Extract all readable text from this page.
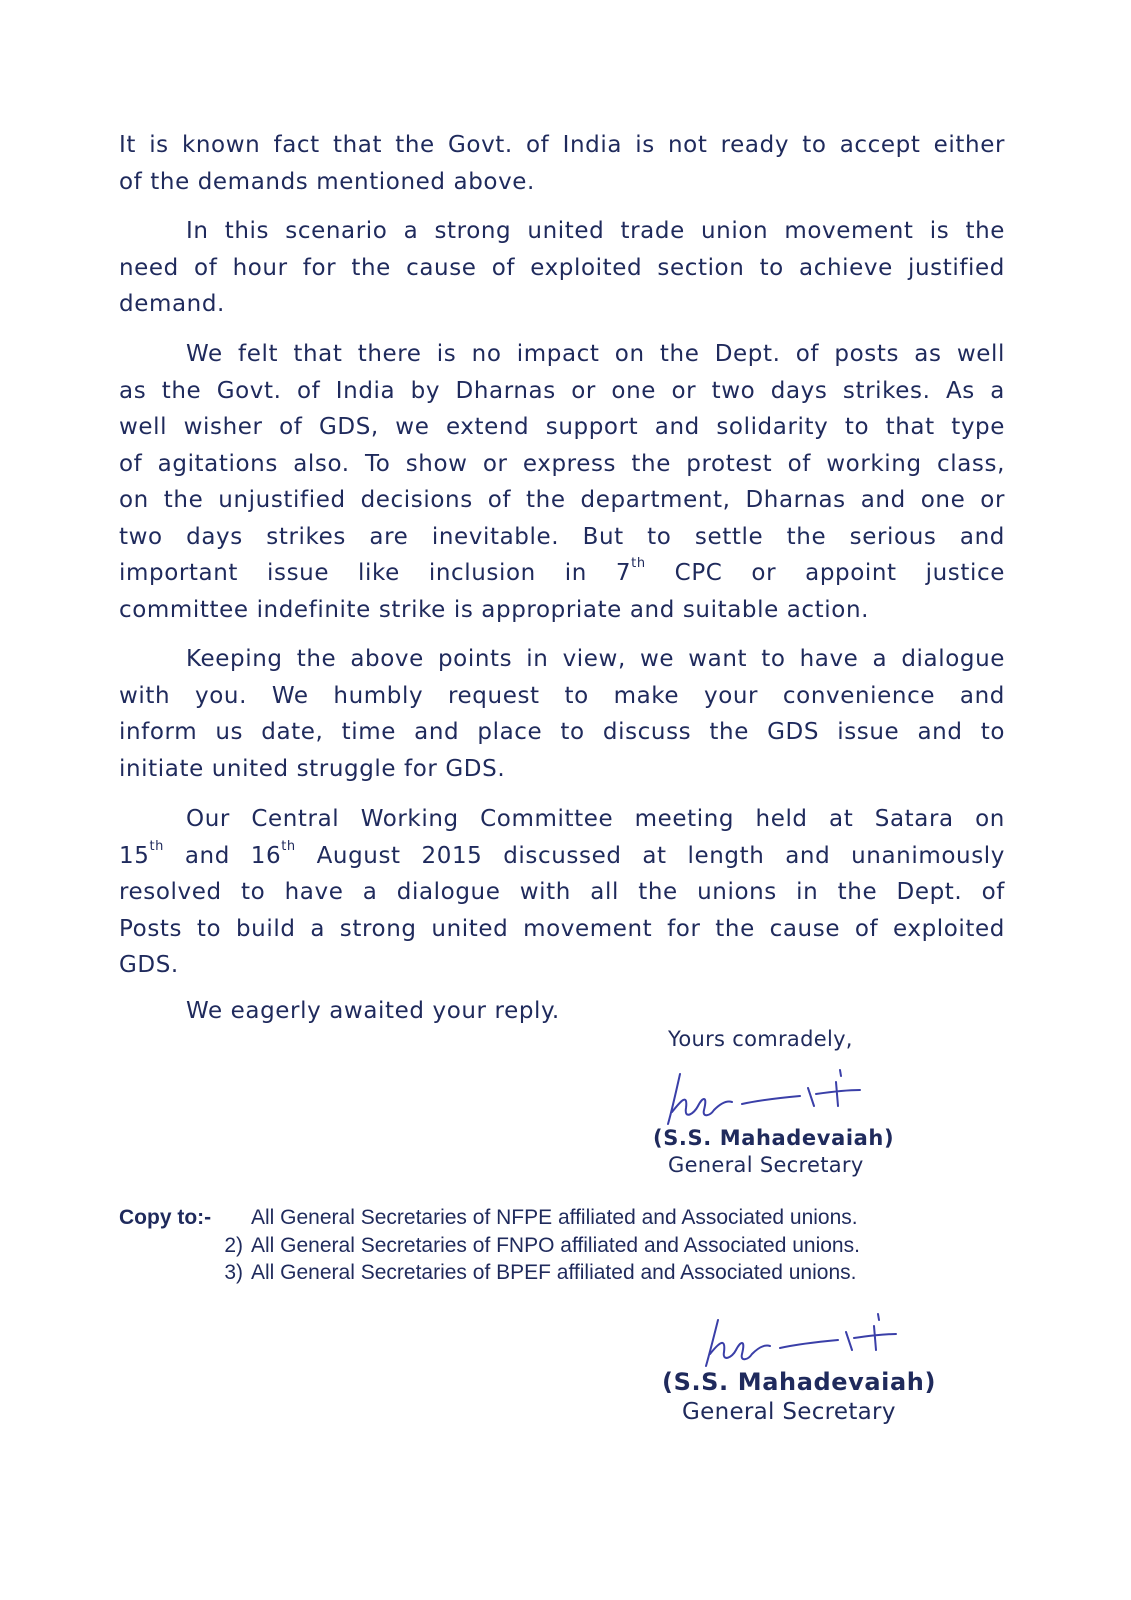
It is known fact that the Govt. of India is not ready to accept either
of the demands mentioned above.
In this scenario a strong united trade union movement is the
need of hour for the cause of exploited section to achieve justified
demand.
We felt that there is no impact on the Dept. of posts as well
as the Govt. of India by Dharnas or one or two days strikes. As a
well wisher of GDS, we extend support and solidarity to that type
of agitations also. To show or express the protest of working class,
on the unjustified decisions of the department, Dharnas and one or
two days strikes are inevitable. But to settle the serious and
important issue like inclusion in 7th CPC or appoint justice
committee indefinite strike is appropriate and suitable action.
Keeping the above points in view, we want to have a dialogue
with you. We humbly request to make your convenience and
inform us date, time and place to discuss the GDS issue and to
initiate united struggle for GDS.
Our Central Working Committee meeting held at Satara on
15th and 16th August 2015 discussed at length and unanimously
resolved to have a dialogue with all the unions in the Dept. of
Posts to build a strong united movement for the cause of exploited
GDS.
We eagerly awaited your reply.
Yours comradely,
(S.S. Mahadevaiah)
General Secretary
Copy to:- All General Secretaries of NFPE affiliated and Associated unions.
2) All General Secretaries of FNPO affiliated and Associated unions.
3) All General Secretaries of BPEF affiliated and Associated unions.
(S.S. Mahadevaiah)
General Secretary
